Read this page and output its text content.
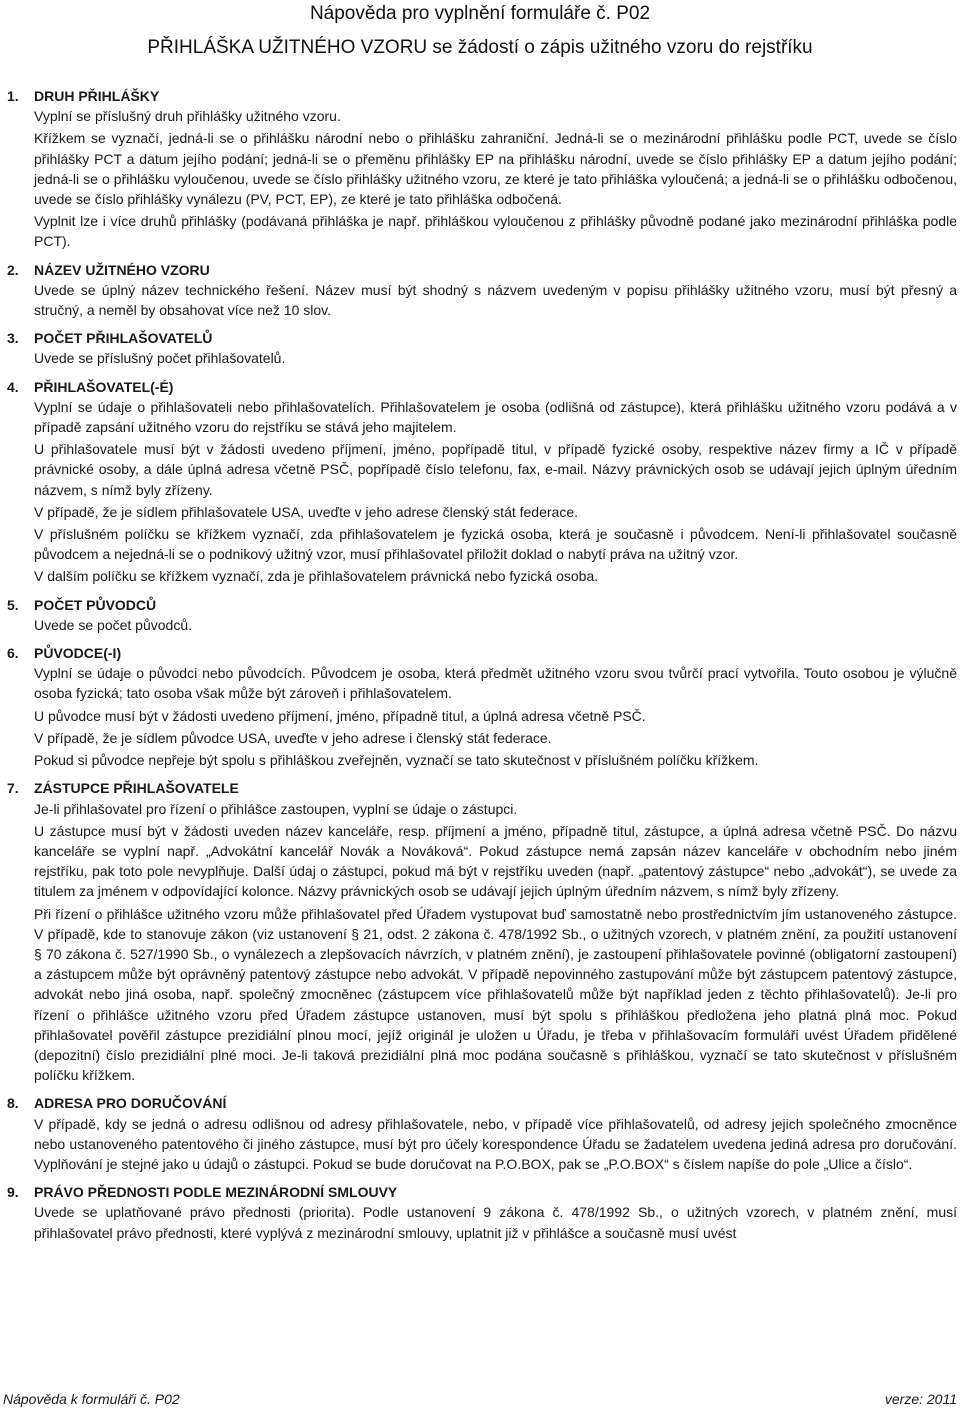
Nápověda pro vyplnění formuláře č. P02
PŘIHLÁŠKA UŽITNÉHO VZORU se žádostí o zápis užitného vzoru do rejstříku
1.	DRUH PŘIHLÁŠKY

Vyplní se příslušný druh přihlášky užitného vzoru.

Křížkem se vyznačí, jedná-li se o přihlášku národní nebo o přihlášku zahraniční. Jedná-li se o mezinárodní přihlášku podle PCT, uvede se číslo přihlášky PCT a datum jejího podání; jedná-li se o přeměnu přihlášky EP na přihlášku národní, uvede se číslo přihlášky EP a datum jejího podání; jedná-li se o přihlášku vyloučenou, uvede se číslo přihlášky užitného vzoru, ze které je tato přihláška vyloučená; a jedná-li se o přihlášku odbočenou, uvede se číslo přihlášky vynálezu (PV, PCT, EP), ze které je tato přihláška odbočená.

Vyplnit lze i více druhů přihlášky (podávaná přihláška je např. přihláškou vyloučenou z přihlášky původně podané jako mezinárodní přihláška podle PCT).

2.	NÁZEV UŽITNÉHO VZORU

Uvede se úplný název technického řešení. Název musí být shodný s názvem uvedeným v popisu přihlášky užitného vzoru, musí být přesný a stručný, a neměl by obsahovat více než 10 slov.

3.	POČET PŘIHLAŠOVATELŮ

Uvede se příslušný počet přihlašovatelů.

4.	PŘIHLAŠOVATEL(-É)

Vyplní se údaje o přihlašovateli nebo přihlašovatelích. Přihlašovatelem je osoba (odlišná od zástupce), která přihlášku užitného vzoru podává a v případě zapsání užitného vzoru do rejstříku se stává jeho majitelem.

U přihlašovatele musí být v žádosti uvedeno příjmení, jméno, popřípadě titul, v případě fyzické osoby, respektive název firmy a IČ v případě právnické osoby, a dále úplná adresa včetně PSČ, popřípadě číslo telefonu, fax, e-mail. Názvy právnických osob se udávají jejich úplným úředním názvem, s nímž byly zřízeny.

V případě, že je sídlem přihlašovatele USA, uveďte v jeho adrese členský stát federace.

V příslušném políčku se křížkem vyznačí, zda přihlašovatelem je fyzická osoba, která je současně i původcem. Není-li přihlašovatel současně původcem a nejedná-li se o podnikový užitný vzor, musí přihlašovatel přiložit doklad o nabytí práva na užitný vzor.

V dalším políčku se křížkem vyznačí, zda je přihlašovatelem právnická nebo fyzická osoba.

5.	POČET PŮVODCŮ

Uvede se počet původců.

6.	PŮVODCE(-I)

Vyplní se údaje o původci nebo původcích. Původcem je osoba, která předmět užitného vzoru svou tvůrčí prací vytvořila. Touto osobou je výlučně osoba fyzická; tato osoba však může být zároveň i přihlašovatelem.

U původce musí být v žádosti uvedeno příjmení, jméno, případně titul, a úplná adresa včetně PSČ.

V případě, že je sídlem původce USA, uveďte v jeho adrese i členský stát federace.

Pokud si původce nepřeje být spolu s přihláškou zveřejněn, vyznačí se tato skutečnost v příslušném políčku křížkem.

7.	ZÁSTUPCE PŘIHLAŠOVATELE

Je-li přihlašovatel pro řízení o přihlášce zastoupen, vyplní se údaje o zástupci.

U zástupce musí být v žádosti uveden název kanceláře, resp. příjmení a jméno, případně titul, zástupce, a úplná adresa včetně PSČ. Do názvu kanceláře se vyplní např. „Advokátní kancelář Novák a Nováková“. Pokud zástupce nemá zapsán název kanceláře v obchodním nebo jiném rejstříku, pak toto pole nevyplňuje. Další údaj o zástupci, pokud má být v rejstříku uveden (např. „patentový zástupce“ nebo „advokát“), se uvede za titulem za jménem v odpovídající kolonce. Názvy právnických osob se udávají jejich úplným úředním názvem, s nímž byly zřízeny.

Při řízení o přihlášce užitného vzoru může přihlašovatel před Úřadem vystupovat buď samostatně nebo prostřednictvím jím ustanoveného zástupce. V případě, kde to stanovuje zákon (viz ustanovení § 21, odst. 2 zákona č. 478/1992 Sb., o užitných vzorech, v platném znění, za použití ustanovení § 70 zákona č. 527/1990 Sb., o vynálezech a zlepšovacích návrzích, v platném znění), je zastoupení přihlašovatele povinné (obligatorní zastoupení) a zástupcem může být oprávněný patentový zástupce nebo advokát. V případě nepovinného zastupování může být zástupcem patentový zástupce, advokát nebo jiná osoba, např. společný zmocněnec (zástupcem více přihlašovatelů může být například jeden z těchto přihlašovatelů). Je-li pro řízení o přihlášce užitného vzoru před Úřadem zástupce ustanoven, musí být spolu s přihláškou předložena jeho platná plná moc. Pokud přihlašovatel pověřil zástupce prezidiální plnou mocí, jejíž originál je uložen u Úřadu, je třeba v přihlašovacím formuláři uvést Úřadem přidělené (depozitní) číslo prezidiální plné moci. Je-li taková prezidiální plná moc podána současně s přihláškou, vyznačí se tato skutečnost v příslušném políčku křížkem.

8.	ADRESA PRO DORUČOVÁNÍ

V případě, kdy se jedná o adresu odlišnou od adresy přihlašovatele, nebo, v případě více přihlašovatelů, od adresy jejich společného zmocněnce nebo ustanoveného patentového či jiného zástupce, musí být pro účely korespondence Úřadu se žadatelem uvedena jediná adresa pro doručování. Vyplňování je stejné jako u údajů o zástupci. Pokud se bude doručovat na P.O.BOX, pak se „P.O.BOX“ s číslem napíše do pole „Ulice a číslo“.

9.	PRÁVO PŘEDNOSTI PODLE MEZINÁRODNÍ SMLOUVY

Uvede se uplatňované právo přednosti (priorita). Podle ustanovení 9 zákona č. 478/1992 Sb., o užitných vzorech, v platném znění, musí přihlašovatel právo přednosti, které vyplývá z mezinárodní smlouvy, uplatnit již v přihlášce a současně musí uvést

Nápověda k formuláři č. P02	verze: 2011
